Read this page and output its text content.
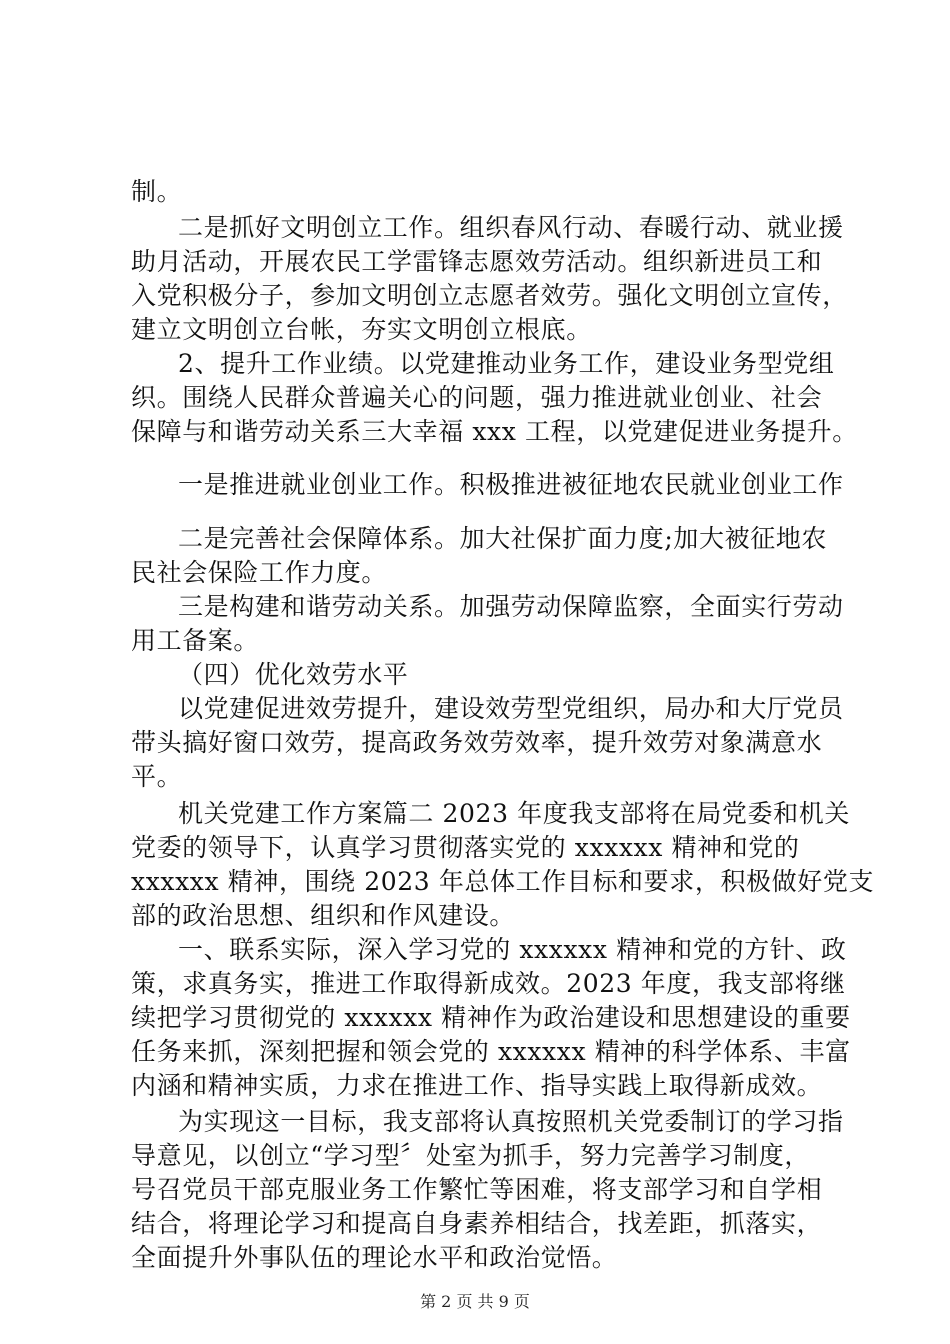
制。
二是抓好文明创立工作。组织春风行动、春暖行动、就业援
助月活动，开展农民工学雷锋志愿效劳活动。组织新进员工和
入党积极分子，参加文明创立志愿者效劳。强化文明创立宣传，
建立文明创立台帐，夯实文明创立根底。
2、提升工作业绩。以党建推动业务工作，建设业务型党组
织。围绕人民群众普遍关心的问题，强力推进就业创业、社会
保障与和谐劳动关系三大幸福 xxx 工程，以党建促进业务提升。
一是推进就业创业工作。积极推进被征地农民就业创业工作
二是完善社会保障体系。加大社保扩面力度;加大被征地农
民社会保险工作力度。
三是构建和谐劳动关系。加强劳动保障监察，全面实行劳动
用工备案。
（四）优化效劳水平
以党建促进效劳提升，建设效劳型党组织，局办和大厅党员
带头搞好窗口效劳，提高政务效劳效率，提升效劳对象满意水
平。
机关党建工作方案篇二 2023 年度我支部将在局党委和机关
党委的领导下，认真学习贯彻落实党的 xxxxxx 精神和党的
xxxxxx 精神，围绕 2023 年总体工作目标和要求，积极做好党支
部的政治思想、组织和作风建设。
一、联系实际，深入学习党的 xxxxxx 精神和党的方针、政
策，求真务实，推进工作取得新成效。2023 年度，我支部将继
续把学习贯彻党的 xxxxxx 精神作为政治建设和思想建设的重要
任务来抓，深刻把握和领会党的 xxxxxx 精神的科学体系、丰富
内涵和精神实质，力求在推进工作、指导实践上取得新成效。
为实现这一目标，我支部将认真按照机关党委制订的学习指
导意见，以创立“学习型〞处室为抓手，努力完善学习制度，
号召党员干部克服业务工作繁忙等困难，将支部学习和自学相
结合，将理论学习和提高自身素养相结合，找差距，抓落实，
全面提升外事队伍的理论水平和政治觉悟。
第 2 页 共 9 页
